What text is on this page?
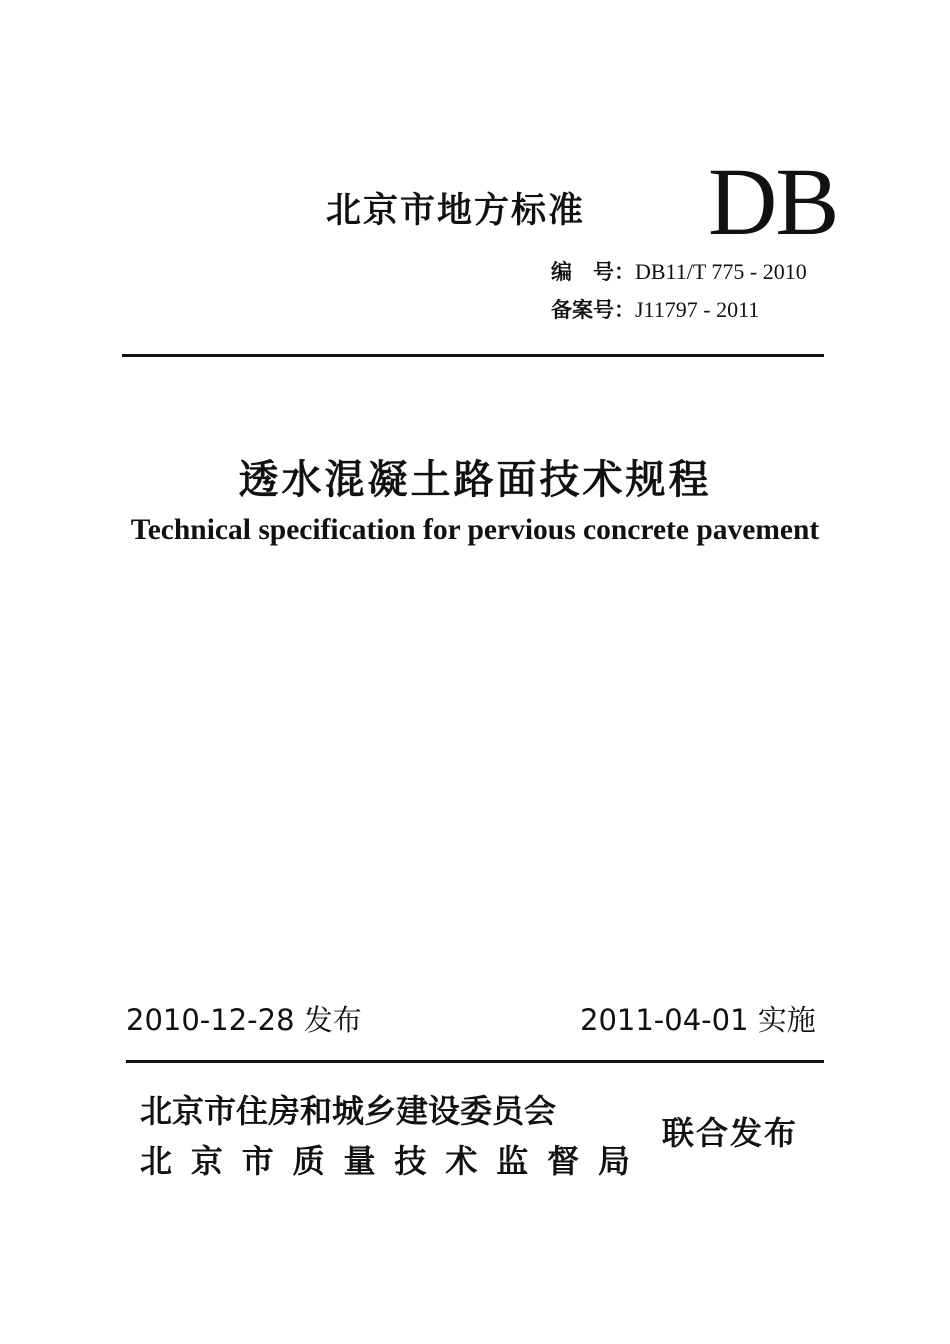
北京市地方标准 DB
编　号：DB11/T 775 - 2010
备案号：J11797 - 2011
透水混凝土路面技术规程
Technical specification for pervious concrete pavement
2010-12-28 发布	2011-04-01 实施
北京市住房和城乡建设委员会
北京市质量技术监督局
联合发布
